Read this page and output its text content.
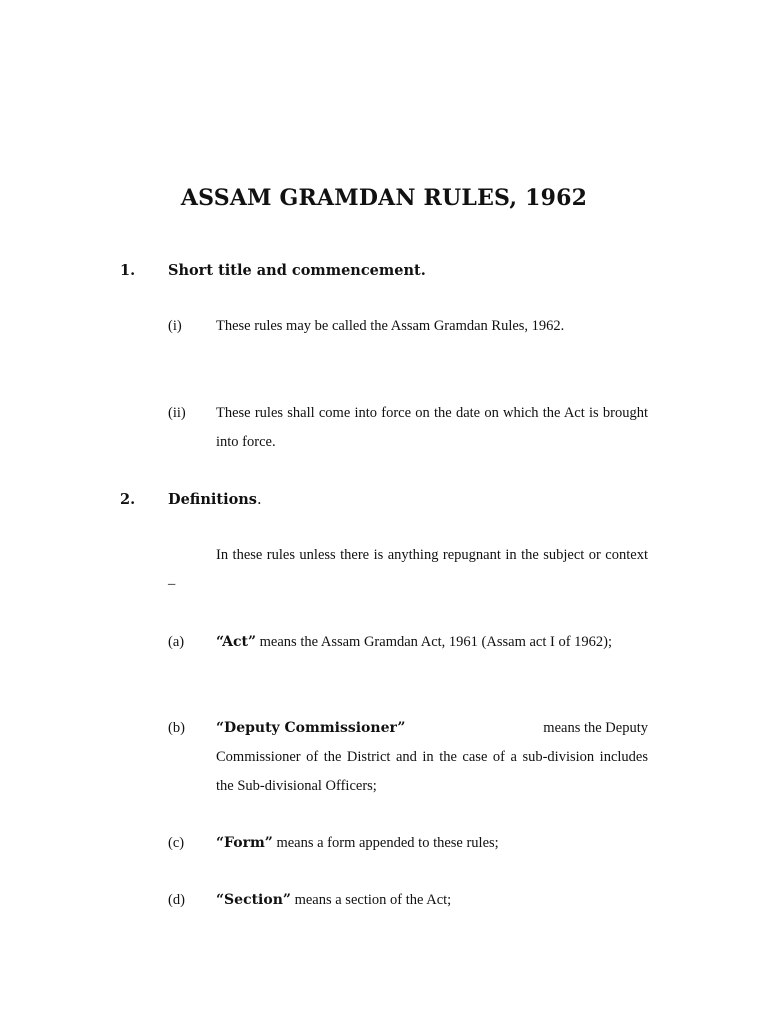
ASSAM GRAMDAN RULES, 1962
1. Short title and commencement.
(i) These rules may be called the Assam Gramdan Rules, 1962.
(ii) These rules shall come into force on the date on which the Act is brought into force.
2. Definitions.
In these rules unless there is anything repugnant in the subject or context –
(a) “Act” means the Assam Gramdan Act, 1961 (Assam act I of 1962);
(b) “Deputy Commissioner”	means the Deputy
Commissioner of the District and in the case of a sub-division includes the Sub-divisional Officers;
(c) “Form” means a form appended to these rules;
(d) “Section” means a section of the Act;
